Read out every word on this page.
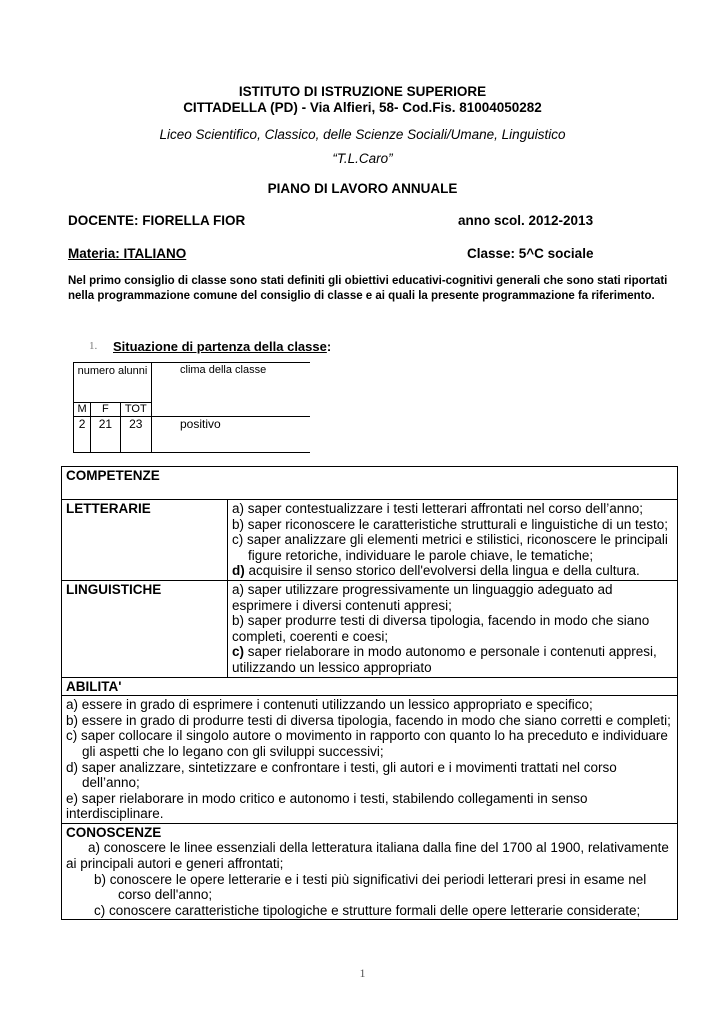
ISTITUTO DI ISTRUZIONE SUPERIORE
CITTADELLA (PD) - Via Alfieri, 58- Cod.Fis. 81004050282
Liceo Scientifico, Classico, delle Scienze Sociali/Umane, Linguistico
“T.L.Caro”
PIANO DI LAVORO ANNUALE
DOCENTE: FIORELLA FIOR	anno scol. 2012-2013
Materia: ITALIANO	Classe: 5^C sociale
Nel primo consiglio di classe sono stati definiti gli obiettivi educativi-cognitivi generali che sono stati riportati nella programmazione comune del consiglio di classe e ai quali la presente programmazione fa riferimento.
1. Situazione di partenza della classe:
numero alunni			clima della classe
M	F	TOT	
2	21	23	positivo
COMPETENZE	
LETTERARIE	a) saper contestualizzare i testi letterari affrontati nel corso dell’anno;
b) saper riconoscere le caratteristiche strutturali e linguistiche di un testo;
c) saper analizzare gli elementi metrici e stilistici, riconoscere le principali figure retoriche, individuare le parole chiave, le tematiche;
d) acquisire il senso storico dell'evolversi della lingua e della cultura.

LINGUISTICHE	a) saper utilizzare progressivamente un linguaggio adeguato ad esprimere i diversi contenuti appresi;
b) saper produrre testi di diversa tipologia, facendo in modo che siano completi, coerenti e coesi;
c) saper rielaborare in modo autonomo e personale i contenuti appresi, utilizzando un lessico appropriato

ABILITA'	

a) essere in grado di esprimere i contenuti utilizzando un lessico appropriato e specifico;
b) essere in grado di produrre testi di diversa tipologia, facendo in modo che siano corretti e completi;
c) saper collocare il singolo autore o movimento in rapporto con quanto lo ha preceduto e individuare gli aspetti che lo legano con gli sviluppi successivi;
d) saper analizzare, sintetizzare e confrontare i testi, gli autori e i movimenti trattati nel corso dell’anno;
e) saper rielaborare in modo critico e autonomo i testi, stabilendo collegamenti in senso interdisciplinare.	

CONOSCENZE
a) conoscere le linee essenziali della letteratura italiana dalla fine del 1700 al 1900, relativamente ai principali autori e generi affrontati;
b) conoscere le opere letterarie e i testi più significativi dei periodi letterari presi in esame nel corso dell'anno;
c) conoscere caratteristiche tipologiche e strutture formali delle opere letterarie considerate;	
1
